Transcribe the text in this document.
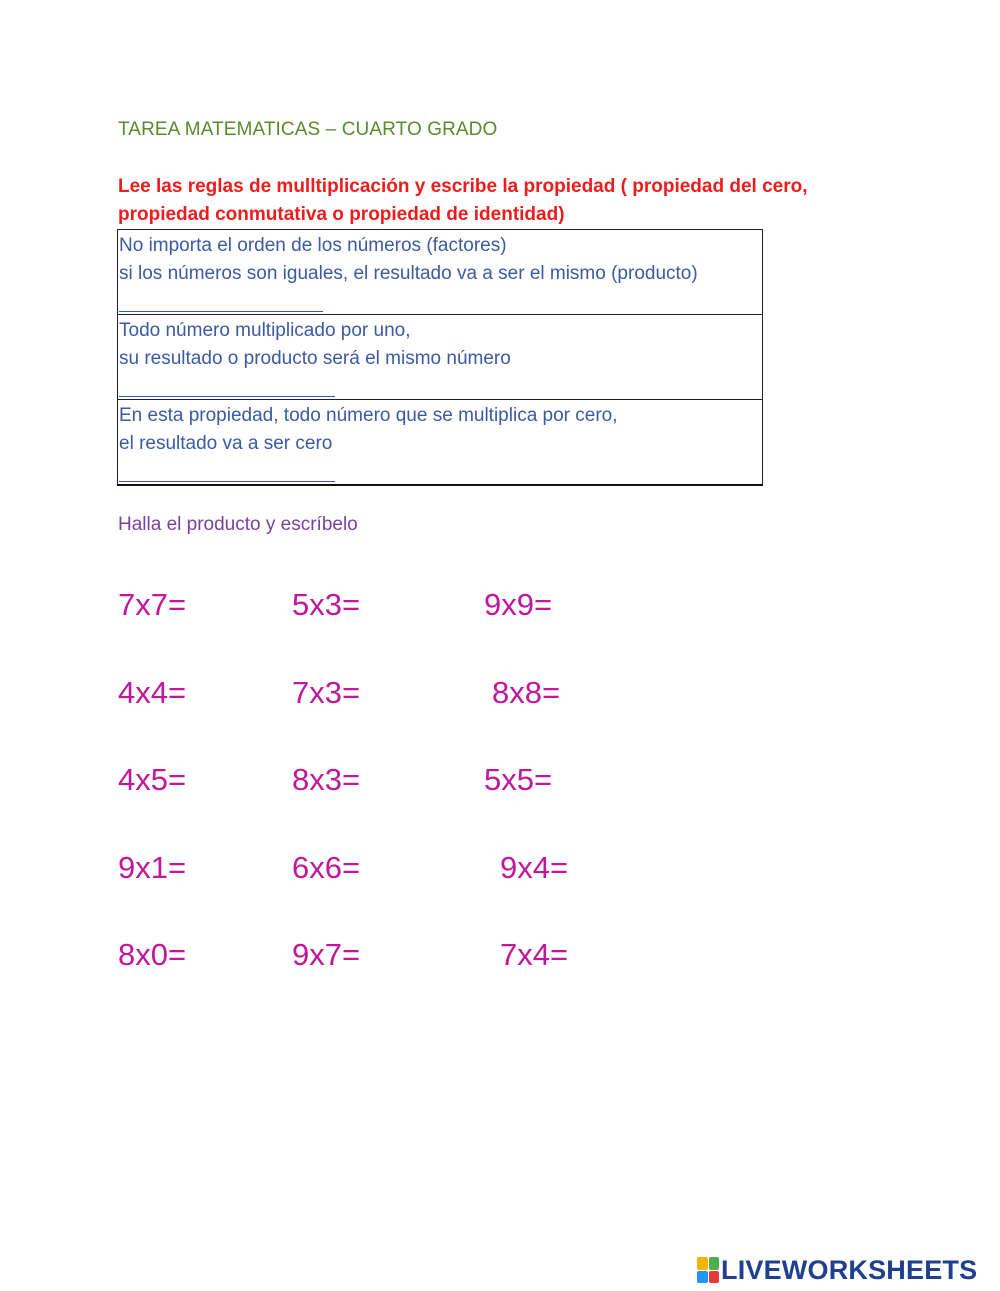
TAREA MATEMATICAS – CUARTO GRADO
Lee las reglas de mulltiplicación y escribe la propiedad ( propiedad del cero, propiedad conmutativa o propiedad de identidad)
No importa el orden de los números (factores)
si los números son iguales, el resultado va a ser el mismo (producto)
Todo número multiplicado por uno,
su resultado o producto será el mismo número
En esta propiedad, todo número que se multiplica por cero,
el resultado va a ser cero
Halla el producto y escríbelo
7x7=	5x3=	9x9=
4x4=	7x3=	8x8=
4x5=	8x3=	5x5=
9x1=	6x6=	9x4=
8x0=	9x7=	7x4=
LIVEWORKSHEETS
